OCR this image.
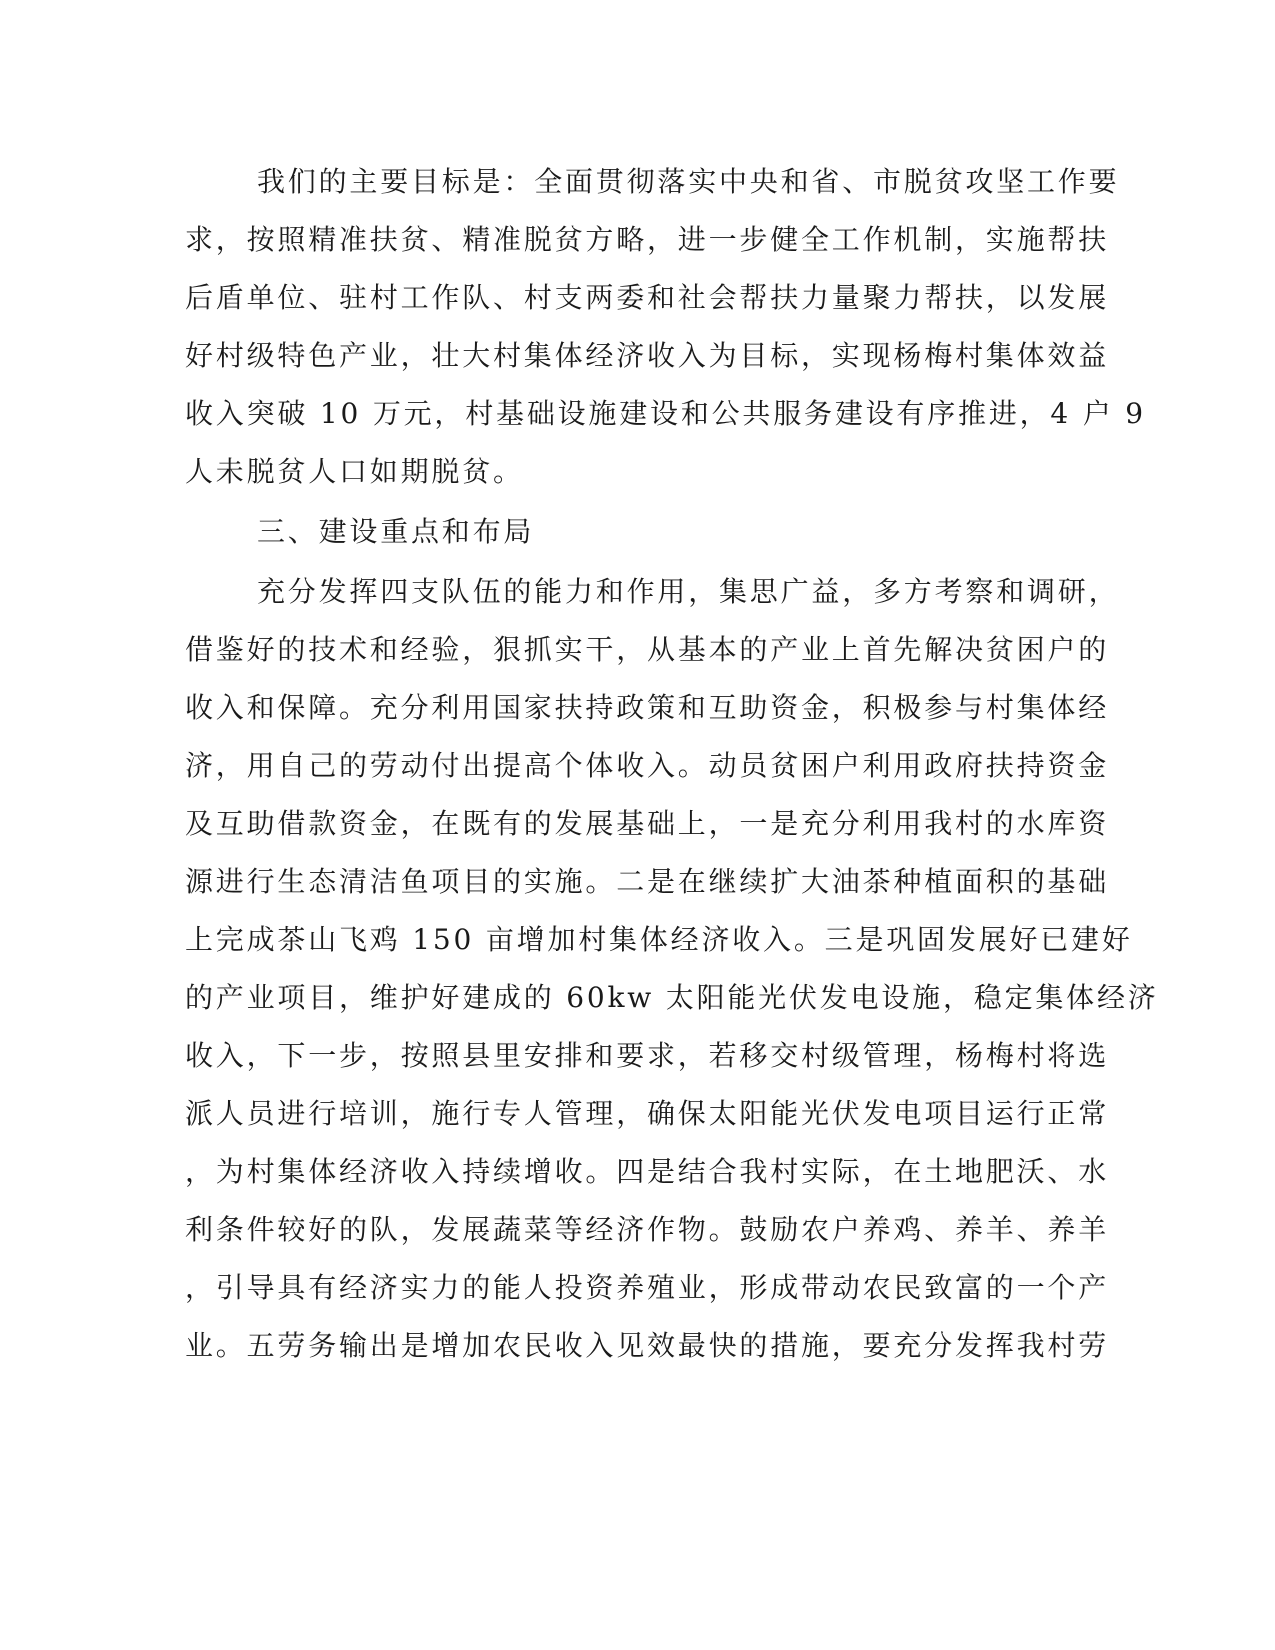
我们的主要目标是：全面贯彻落实中央和省、市脱贫攻坚工作要
求，按照精准扶贫、精准脱贫方略，进一步健全工作机制，实施帮扶
后盾单位、驻村工作队、村支两委和社会帮扶力量聚力帮扶，以发展
好村级特色产业，壮大村集体经济收入为目标，实现杨梅村集体效益
收入突破 10 万元，村基础设施建设和公共服务建设有序推进，4 户 9
人未脱贫人口如期脱贫。
三、建设重点和布局
充分发挥四支队伍的能力和作用，集思广益，多方考察和调研，
借鉴好的技术和经验，狠抓实干，从基本的产业上首先解决贫困户的
收入和保障。充分利用国家扶持政策和互助资金，积极参与村集体经
济，用自己的劳动付出提高个体收入。动员贫困户利用政府扶持资金
及互助借款资金，在既有的发展基础上，一是充分利用我村的水库资
源进行生态清洁鱼项目的实施。二是在继续扩大油茶种植面积的基础
上完成茶山飞鸡 150 亩增加村集体经济收入。三是巩固发展好已建好
的产业项目，维护好建成的 60kw 太阳能光伏发电设施，稳定集体经济
收入，下一步，按照县里安排和要求，若移交村级管理，杨梅村将选
派人员进行培训，施行专人管理，确保太阳能光伏发电项目运行正常
，为村集体经济收入持续增收。四是结合我村实际，在土地肥沃、水
利条件较好的队，发展蔬菜等经济作物。鼓励农户养鸡、养羊、养羊
，引导具有经济实力的能人投资养殖业，形成带动农民致富的一个产
业。五劳务输出是增加农民收入见效最快的措施，要充分发挥我村劳
